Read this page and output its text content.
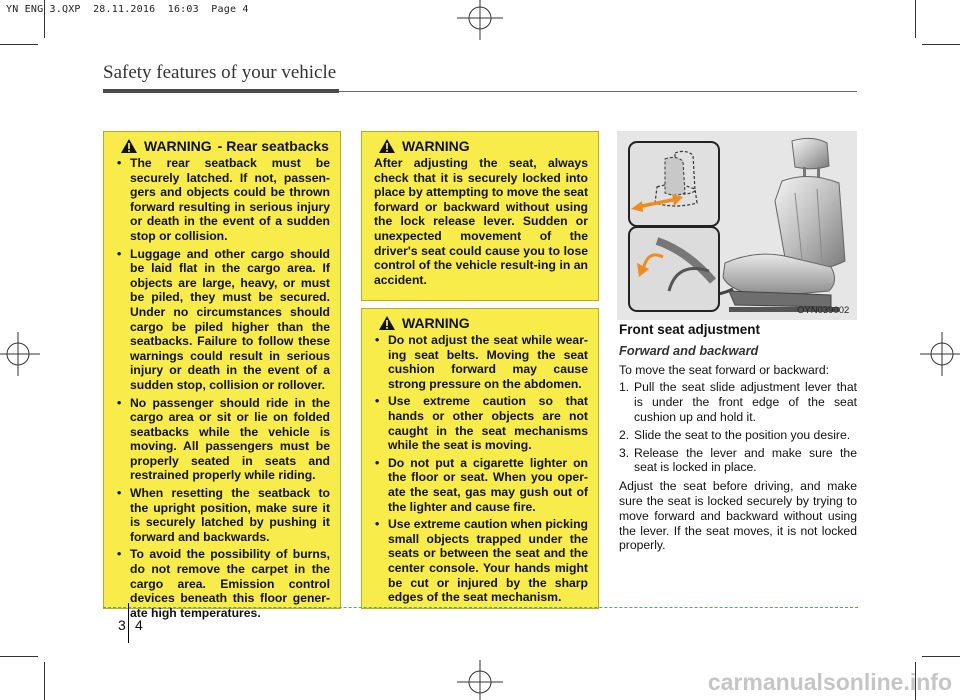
YN ENG 3.QXP  28.11.2016  16:03  Page 4
Safety features of your vehicle
WARNING - Rear seatbacks
• The rear seatback must be securely latched. If not, passen-gers and objects could be thrown forward resulting in serious injury or death in the event of a sudden stop or collision.
• Luggage and other cargo should be laid flat in the cargo area. If objects are large, heavy, or must be piled, they must be secured. Under no circumstances should cargo be piled higher than the seatbacks. Failure to follow these warnings could result in serious injury or death in the event of a sudden stop, collision or rollover.
• No passenger should ride in the cargo area or sit or lie on folded seatbacks while the vehicle is moving. All passengers must be properly seated in seats and restrained properly while riding.
• When resetting the seatback to the upright position, make sure it is securely latched by pushing it forward and backwards.
• To avoid the possibility of burns, do not remove the carpet in the cargo area. Emission control devices beneath this floor gener-ate high temperatures.
WARNING
After adjusting the seat, always check that it is securely locked into place by attempting to move the seat forward or backward without using the lock release lever. Sudden or unexpected movement of the driver's seat could cause you to lose control of the vehicle result-ing in an accident.
WARNING
• Do not adjust the seat while wear-ing seat belts. Moving the seat cushion forward may cause strong pressure on the abdomen.
• Use extreme caution so that hands or other objects are not caught in the seat mechanisms while the seat is moving.
• Do not put a cigarette lighter on the floor or seat. When you oper-ate the seat, gas may gush out of the lighter and cause fire.
• Use extreme caution when picking small objects trapped under the seats or between the seat and the center console. Your hands might be cut or injured by the sharp edges of the seat mechanism.
OYN039002
Front seat adjustment
Forward and backward

To move the seat forward or backward:

1. Pull the seat slide adjustment lever that is under the front edge of the seat cushion up and hold it.
2. Slide the seat to the position you desire.
3. Release the lever and make sure the seat is locked in place.

Adjust the seat before driving, and make sure the seat is locked securely by trying to move forward and backward without using the lever. If the seat moves, it is not locked properly.

3 4
carmanualsonline.info
